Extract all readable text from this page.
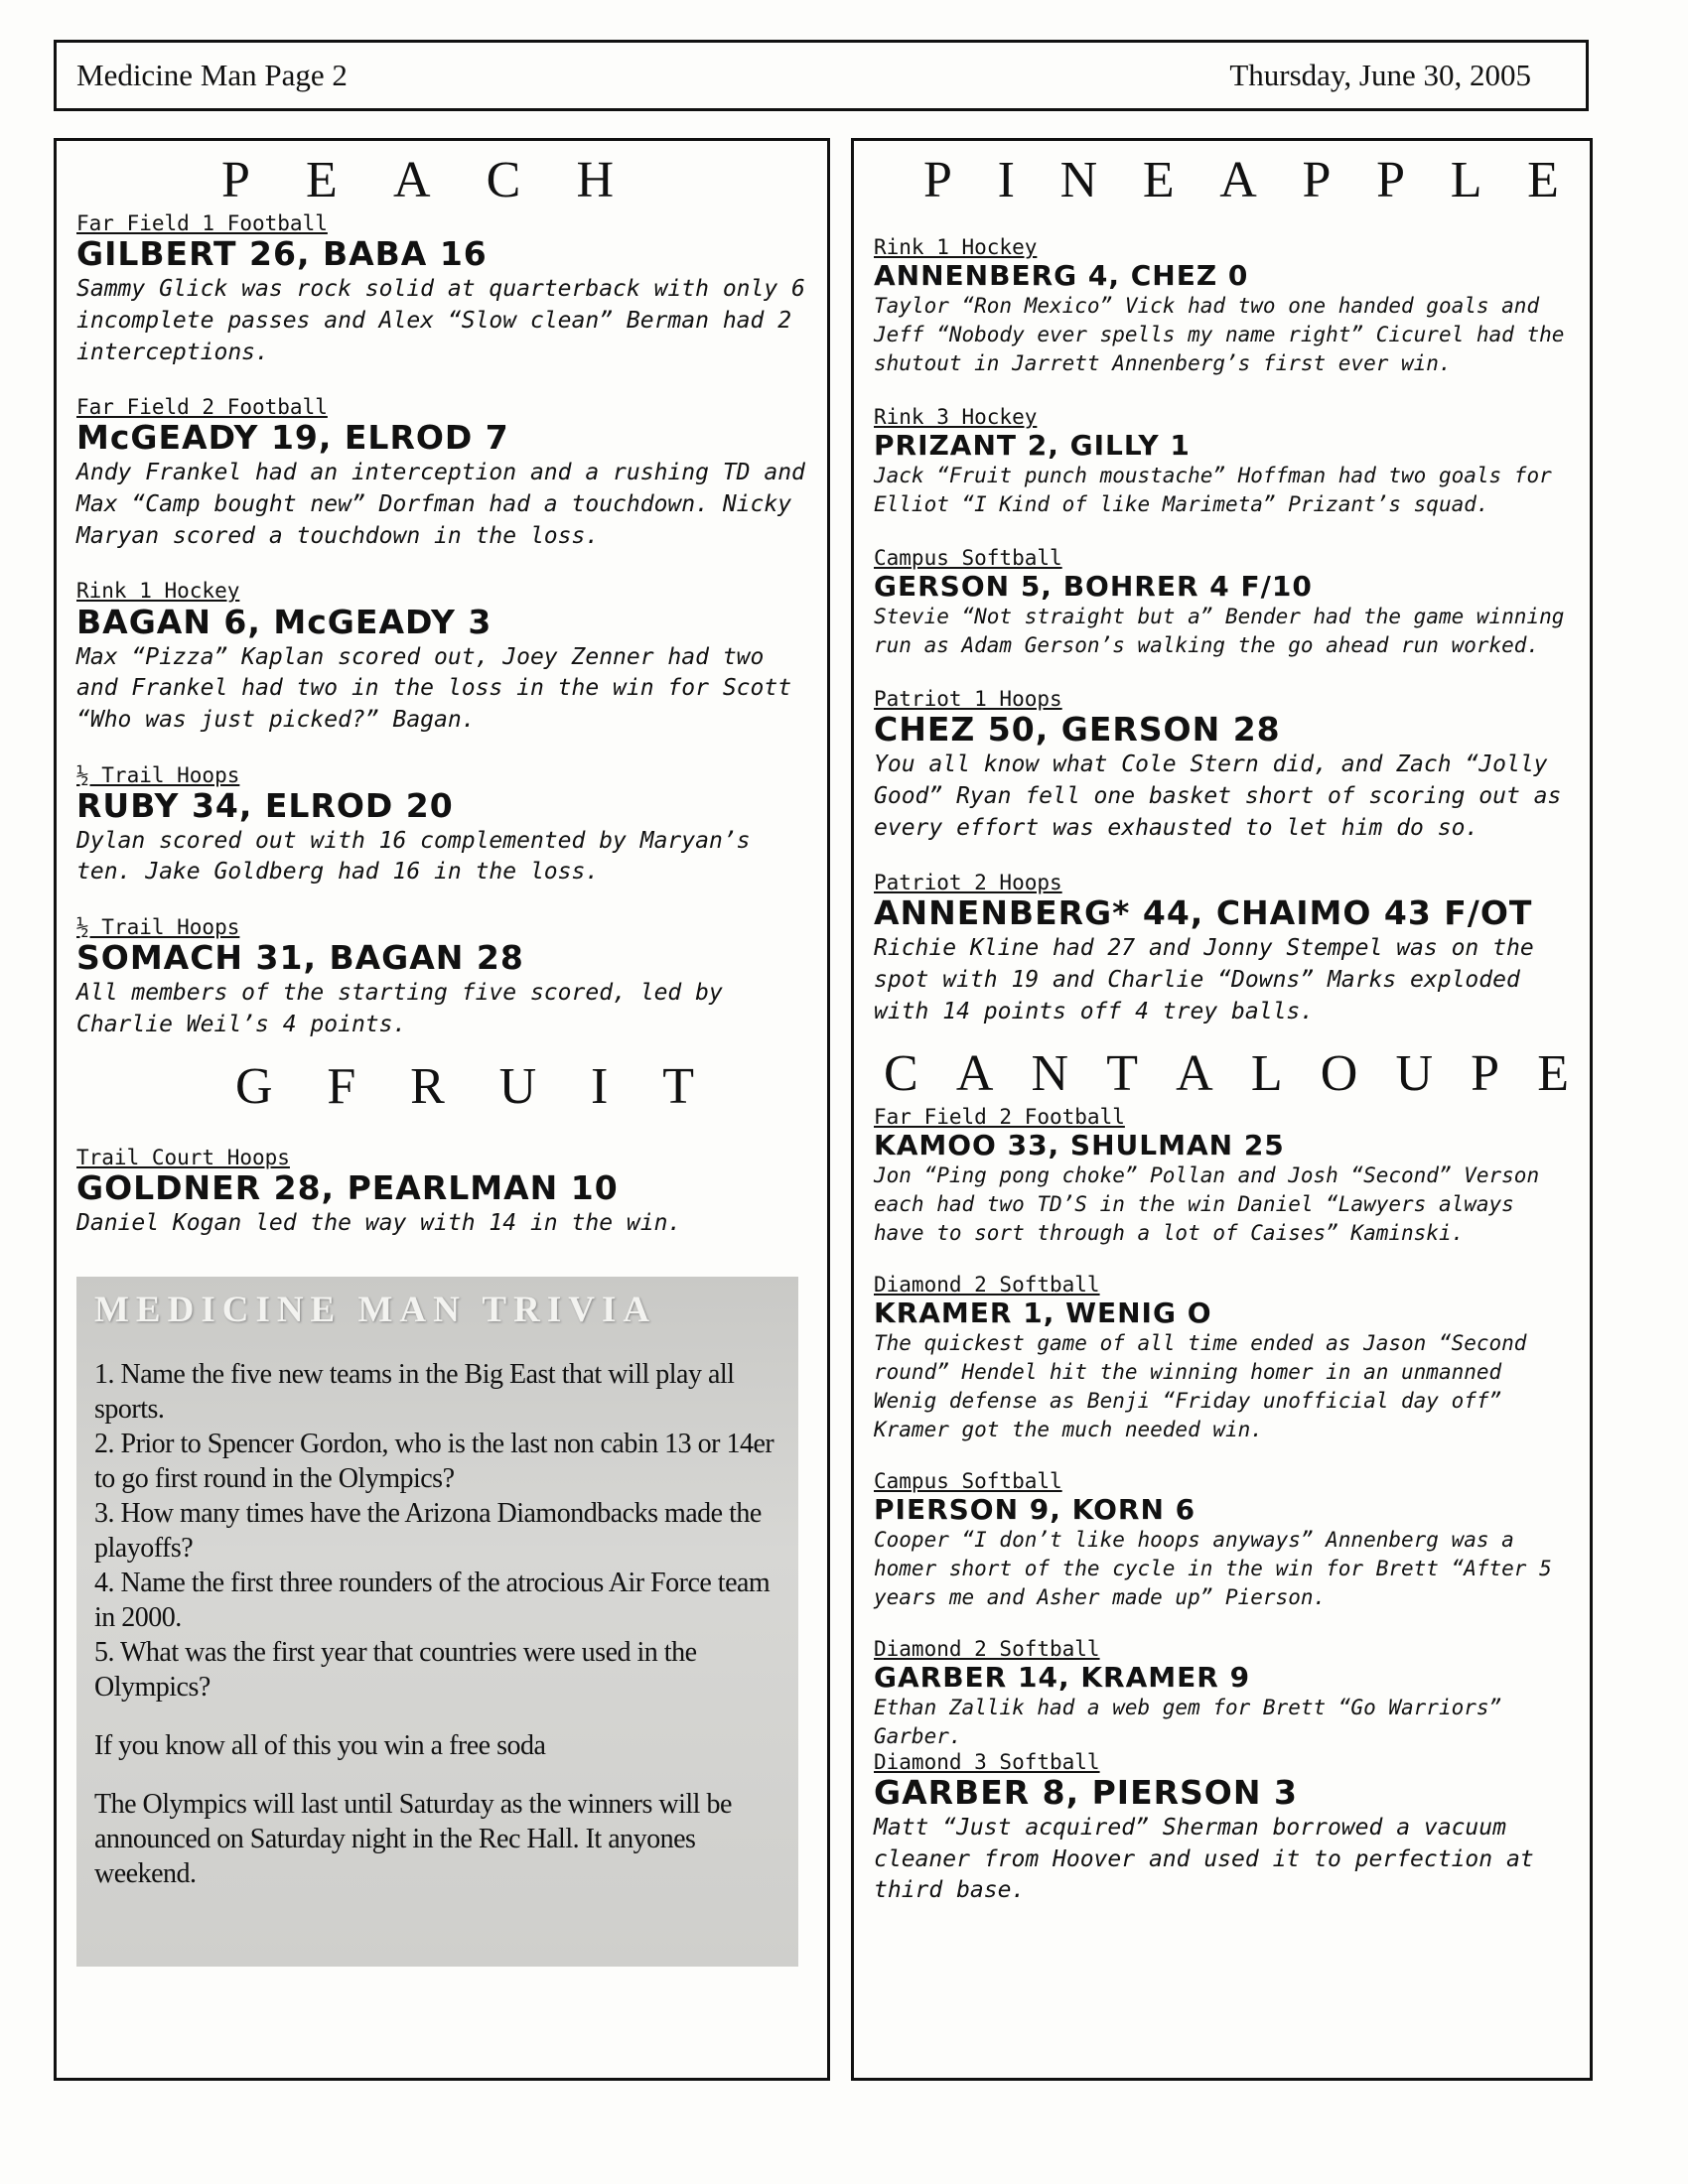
Medicine Man Page 2	Thursday, June 30, 2005
P E A C H
Far Field 1 Football
GILBERT 26, BABA 16
Sammy Glick was rock solid at quarterback with only 6 incomplete passes and Alex “Slow clean” Berman had 2 interceptions.
Far Field 2 Football
McGEADY 19, ELROD 7
Andy Frankel had an interception and a rushing TD and Max “Camp bought new” Dorfman had a touchdown. Nicky Maryan scored a touchdown in the loss.
Rink 1 Hockey
BAGAN 6, McGEADY 3
Max “Pizza” Kaplan scored out, Joey Zenner had two and Frankel had two in the loss in the win for Scott “Who was just picked?” Bagan.
½ Trail Hoops
RUBY 34, ELROD 20
Dylan scored out with 16 complemented by Maryan’s ten. Jake Goldberg had 16 in the loss.
½ Trail Hoops
SOMACH 31, BAGAN 28
All members of the starting five scored, led by Charlie Weil’s 4 points.
G F R U I T
Trail Court Hoops
GOLDNER 28, PEARLMAN 10
Daniel Kogan led the way with 14 in the win.
MEDICINE MAN TRIVIA

1. Name the five new teams in the Big East that will play all sports.

2. Prior to Spencer Gordon, who is the last non cabin 13 or 14er to go first round in the Olympics?

3. How many times have the Arizona Diamondbacks made the playoffs?

4. Name the first three rounders of the atrocious Air Force team in 2000.

5. What was the first year that countries were used in the Olympics?

If you know all of this you win a free soda

The Olympics will last until Saturday as the winners will be announced on Saturday night in the Rec Hall. It anyones weekend.

P I N E A P P L E
Rink 1 Hockey
ANNENBERG 4, CHEZ 0
Taylor “Ron Mexico” Vick had two one handed goals and Jeff “Nobody ever spells my name right” Cicurel had the shutout in Jarrett Annenberg’s first ever win.
Rink 3 Hockey
PRIZANT 2, GILLY 1
Jack “Fruit punch moustache” Hoffman had two goals for Elliot “I Kind of like Marimeta” Prizant’s squad.
Campus Softball
GERSON 5, BOHRER 4 F/10
Stevie “Not straight but a” Bender had the game winning run as Adam Gerson’s walking the go ahead run worked.
Patriot 1 Hoops
CHEZ 50, GERSON 28
You all know what Cole Stern did, and Zach “Jolly Good” Ryan fell one basket short of scoring out as every effort was exhausted to let him do so.
Patriot 2 Hoops
ANNENBERG* 44, CHAIMO 43 F/OT
Richie Kline had 27 and Jonny Stempel was on the spot with 19 and Charlie “Downs” Marks exploded with 14 points off 4 trey balls.
C A N T A L O U P E
Far Field 2 Football
KAMOO 33, SHULMAN 25
Jon “Ping pong choke” Pollan and Josh “Second” Verson each had two TD’S in the win Daniel “Lawyers always have to sort through a lot of Caises” Kaminski.
Diamond 2 Softball
KRAMER 1, WENIG O
The quickest game of all time ended as Jason “Second round” Hendel hit the winning homer in an unmanned Wenig defense as Benji “Friday unofficial day off” Kramer got the much needed win.
Campus Softball
PIERSON 9, KORN 6
Cooper “I don’t like hoops anyways” Annenberg was a homer short of the cycle in the win for Brett “After 5 years me and Asher made up” Pierson.
Diamond 2 Softball
GARBER 14, KRAMER 9
Ethan Zallik had a web gem for Brett “Go Warriors” Garber.
Diamond 3 Softball
GARBER 8, PIERSON 3
Matt “Just acquired” Sherman borrowed a vacuum cleaner from Hoover and used it to perfection at third base.
